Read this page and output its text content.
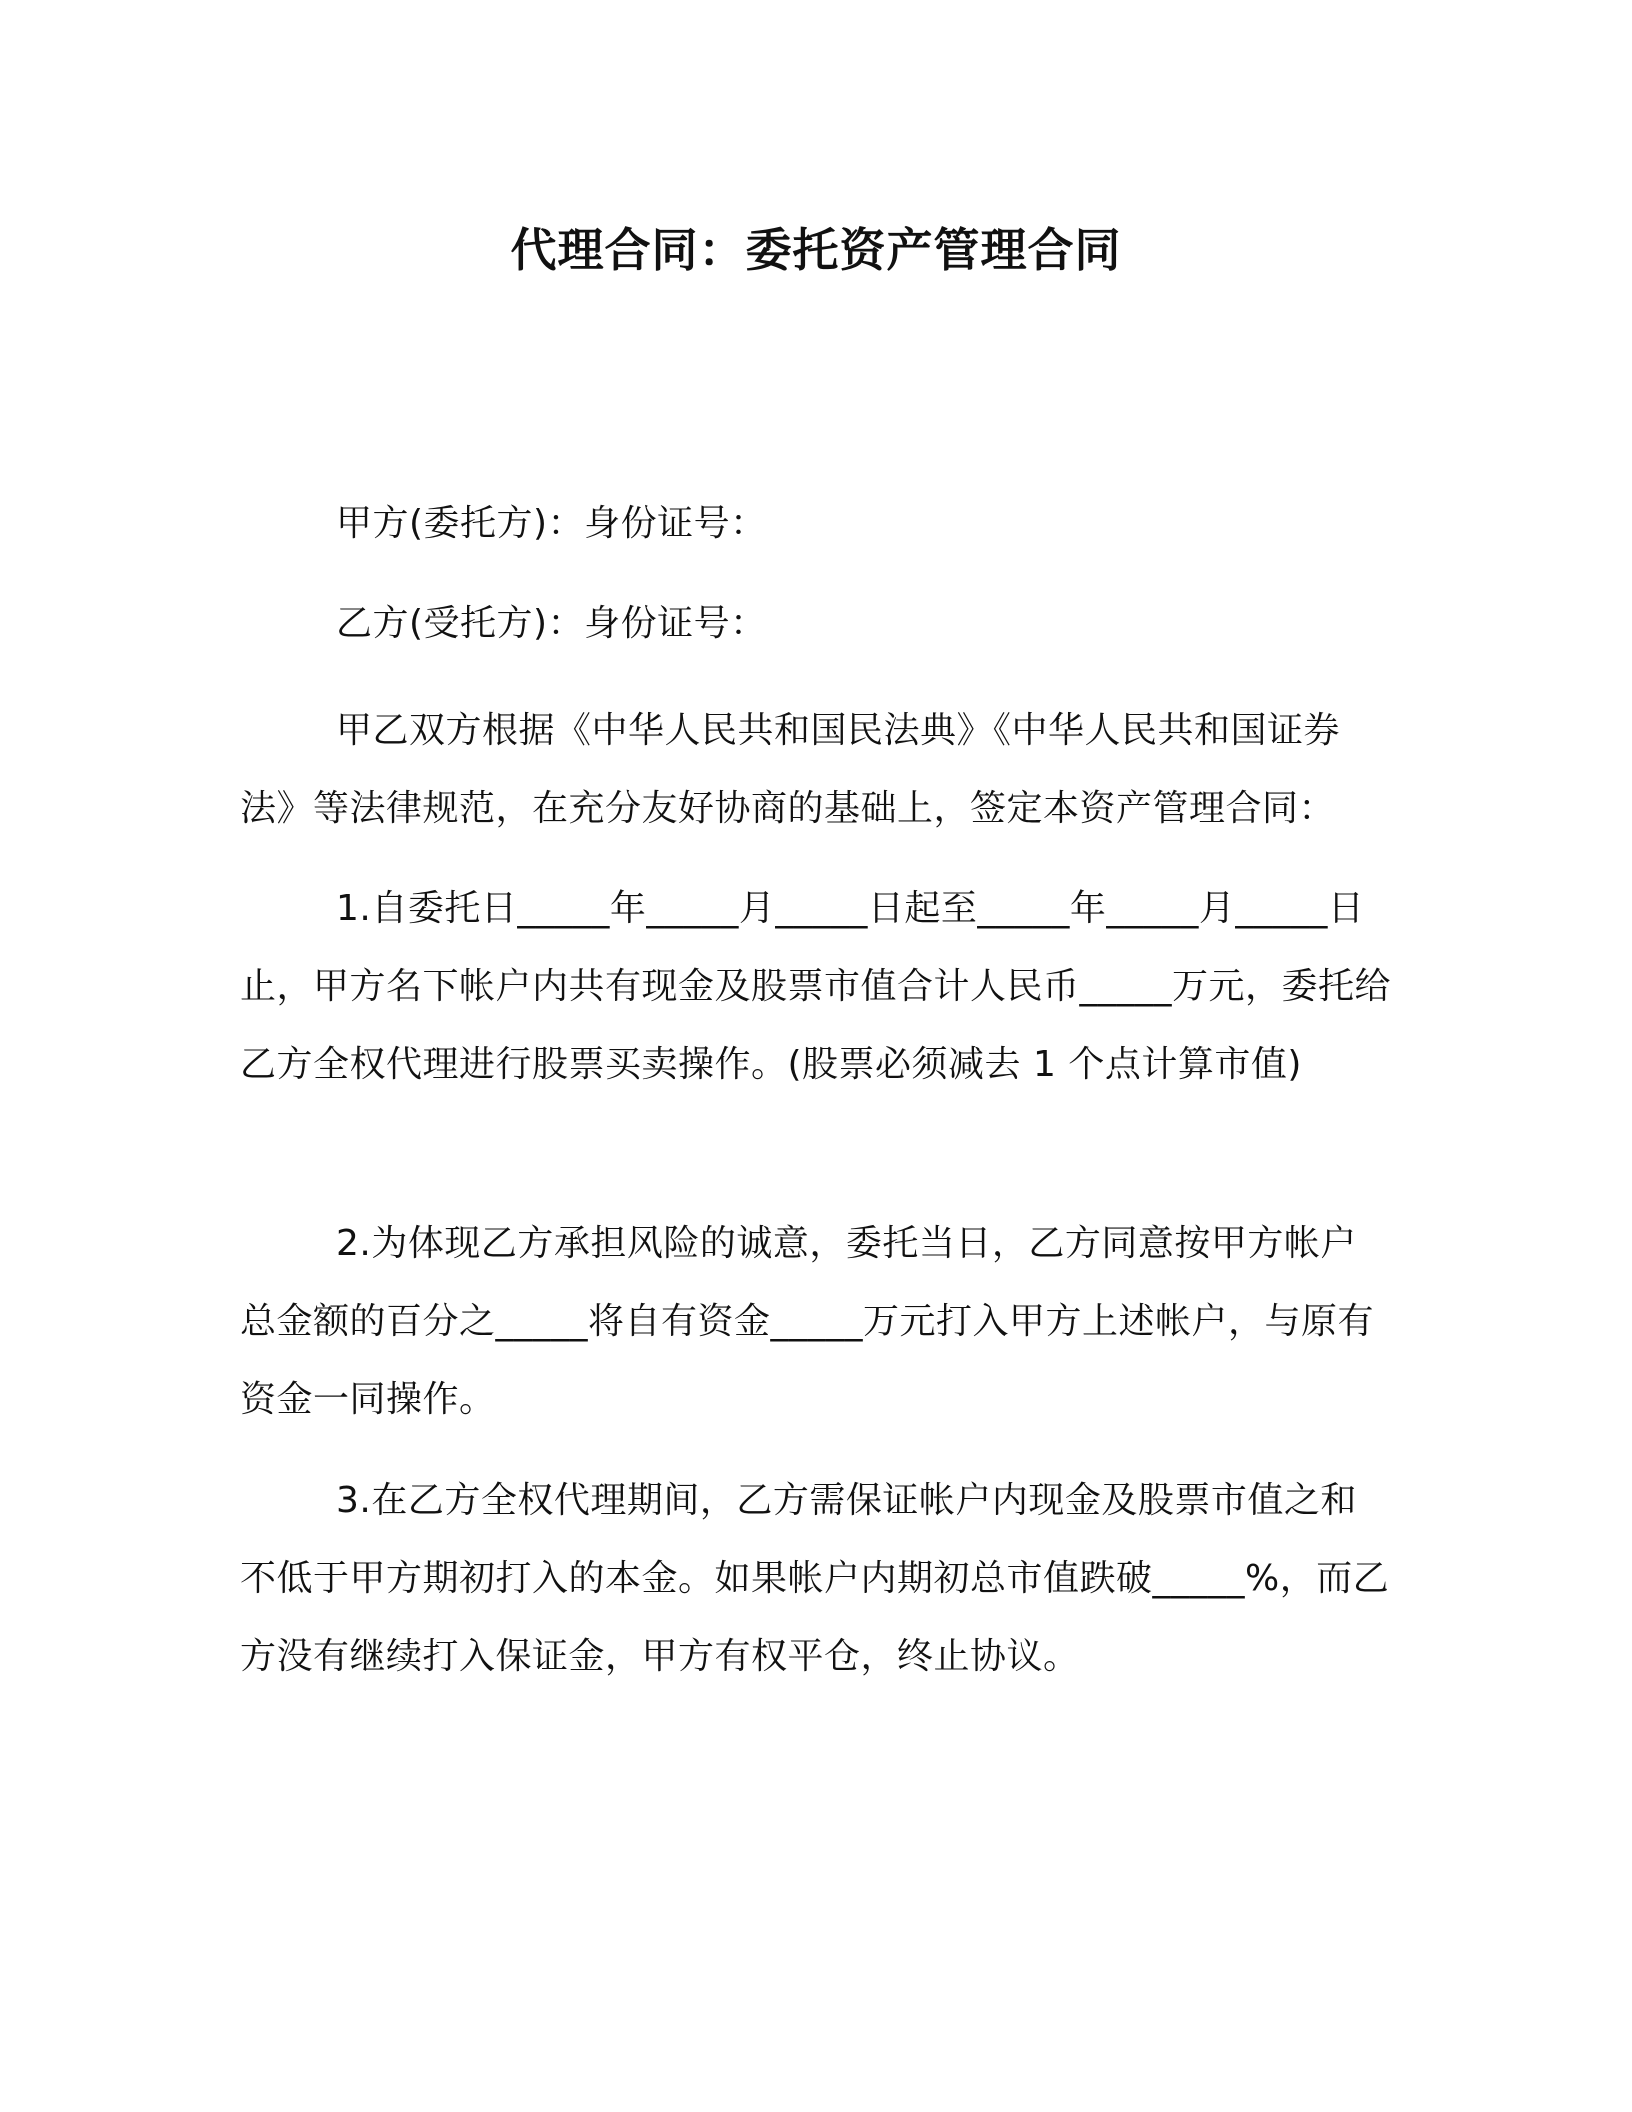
代理合同：委托资产管理合同

甲方(委托方)：身份证号：

乙方(受托方)：身份证号：

甲乙双方根据《中华人民共和国民法典》《中华人民共和国证券法》等法律规范，在充分友好协商的基础上，签定本资产管理合同：

1.自委托日_____年_____月_____日起至_____年_____月_____日止，甲方名下帐户内共有现金及股票市值合计人民币_____万元，委托给乙方全权代理进行股票买卖操作。(股票必须减去 1 个点计算市值)

2.为体现乙方承担风险的诚意，委托当日，乙方同意按甲方帐户总金额的百分之_____将自有资金_____万元打入甲方上述帐户，与原有资金一同操作。

3.在乙方全权代理期间，乙方需保证帐户内现金及股票市值之和不低于甲方期初打入的本金。如果帐户内期初总市值跌破_____%，而乙方没有继续打入保证金，甲方有权平仓，终止协议。
